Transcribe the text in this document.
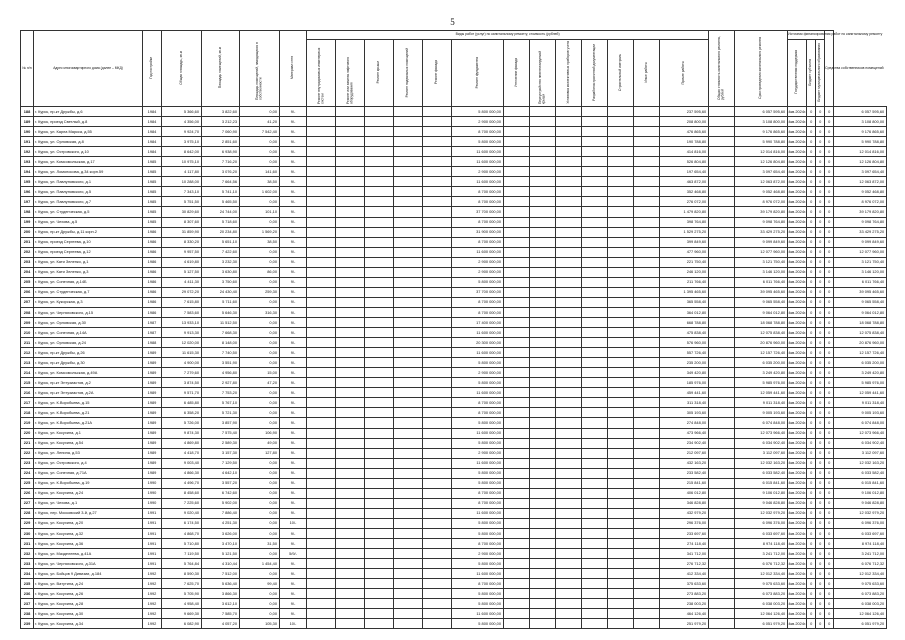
5
№ п/п	Адрес многоквартирного дома (далее – МКД)	Год постройки	Общая площадь, кв.м	Площадь помещений, кв.м	Площадь помещений, находящихся в собственности	Материал стен	Виды работ (услуг) по капитальному ремонту, стоимость (рублей)													Общая стоимость капитального ремонта, рублей	Срок проведения капитального ремонта	Источник финансирования работ по капитальному ремонту			Средства собственников помещений	
							Ремонт внутридомовых инженерных систем	Ремонт или замена лифтового оборудования	Ремонт крыши	Ремонт подвальных помещений	Ремонт фасада	Ремонт фундамента	Утепление фасада	Переустройство невентилируемой крыши	Установка коллективных приборов учета	Разработка проектной документации	Строительный контроль	Иные работы	Прочие работы			Государственная поддержка	Бюджет субъекта	Бюджет муниципального образования		
188	г. Курск, пр-кт Дружбы, д.6	1984	5 366,60	3 822,60	0,00	9/-						5 800 000,00							237 595,60		6 057 595,60	4кв.2024г.	0	0	0	6 057 595,60
189	г. Курск, проезд Светлый, д.8	1984	4 356,00	3 212,23	41,20	9/-						2 900 000,00							208 800,00		3 108 800,00	4кв.2024г.	0	0	0	3 108 800,00
190	г. Курск, ул. Карла Маркса, д.55	1984	9 924,70	7 060,90	7 542,40	9/-						8 700 000,00							476 865,60		9 176 865,60	4кв.2024г.	0	0	0	9 176 865,60
191	г. Курск, ул. Орловская, д.8	1984	3 975,10	2 851,60	0,00	9/-						5 800 000,00							190 788,80		5 990 788,80	4кв.2024г.	0	0	0	5 990 788,80
192	г. Курск, ул. Островского, д.10	1984	8 642,00	6 938,90	0,00	9/-						11 600 000,00							414 816,00		12 014 816,00	4кв.2024г.	0	0	0	12 014 816,00
193	г. Курск, ул. Комсомольская, д.17	1985	10 975,10	7 716,20	0,00	9/-						11 600 000,00							526 804,80		12 126 804,80	4кв.2024г.	0	0	0	12 126 804,80
194	г. Курск, ул. Ломоносова, д.34 корп.59	1985	4 117,80	3 076,20	141,60	9/-						2 900 000,00							197 654,40		3 097 654,40	4кв.2024г.	0	0	0	3 097 654,40
195	г. Курск, ул. Павлуновского, д.1	1985	10 288,00	7 664,56	38,50	9/-						11 600 000,00							463 872,00		12 063 872,00	4кв.2024г.	0	0	0	12 063 872,00
196	г. Курск, ул. Павлуновского, д.5	1985	7 343,10	5 741,10	1 602,00	9/-						8 700 000,00							352 468,80		9 052 468,80	4кв.2024г.	0	0	0	9 052 468,80
197	г. Курск, ул. Павлуновского, д.7	1985	5 751,50	5 465,50	0,00	9/-						8 700 000,00							276 072,00		8 976 072,00	4кв.2024г.	0	0	0	8 976 072,00
198	г. Курск, ул. Студенческая, д.5	1985	30 829,60	24 744,00	101,10	9/-						37 700 000,00							1 479 820,80		39 179 820,80	4кв.2024г.	0	0	0	39 179 820,80
199	г. Курск, ул. Чехова, д.5	1985	8 307,60	5 718,60	0,00	9/-						8 700 000,00							398 764,80		9 098 764,80	4кв.2024г.	0	0	0	9 098 764,80
200	г. Курск, пр-кт Дружбы, д.11 корп.2	1986	31 859,90	20 234,80	1 569,20	9/-						31 900 000,00							1 529 275,20		33 429 275,20	4кв.2024г.	0	0	0	33 429 275,20
201	г. Курск, проезд Сергеева, д.10	1986	8 330,20	5 651,10	38,50	9/-						8 700 000,00							399 849,60		9 099 849,60	4кв.2024г.	0	0	0	9 099 849,60
202	г. Курск, проезд Сергеева, д.12	1986	9 957,50	7 422,60	0,00	9/-						11 600 000,00							477 960,00		12 077 960,00	4кв.2024г.	0	0	0	12 077 960,00
203	г. Курск, ул. Кати Зеленко, д.1	1986	4 619,80	3 232,30	0,00	9/-						2 900 000,00							221 750,40		3 121 750,40	4кв.2024г.	0	0	0	3 121 750,40
204	г. Курск, ул. Кати Зеленко, д.3	1986	5 127,50	3 630,80	86,00	9/-						2 900 000,00							246 120,00		3 146 120,00	4кв.2024г.	0	0	0	3 146 120,00
205	г. Курск, ул. Сонечная, д.14Б	1986	4 411,30	3 750,60	0,00	9/-						5 800 000,00							211 766,40		6 011 766,40	4кв.2024г.	0	0	0	6 011 766,40
206	г. Курск, ул. Студенческая, д.7	1986	29 072,20	24 430,40	259,30	9/-						37 700 000,00							1 395 465,60		39 095 465,60	4кв.2024г.	0	0	0	39 095 465,60
207	г. Курск, ул. Кукорская, д.3	1986	7 615,80	5 711,60	0,00	9/-						8 700 000,00							365 558,40		9 065 558,40	4кв.2024г.	0	0	0	9 065 558,40
208	г. Курск, ул. Черняховского, д.15	1986	7 583,60	5 646,30	316,30	9/-						8 700 000,00							364 012,80		9 064 012,80	4кв.2024г.	0	0	0	9 064 012,80
209	г. Курск, ул. Орловская, д.30	1987	13 933,10	11 512,50	0,00	9/-						17 400 000,00							668 788,80		18 068 788,80	4кв.2024г.	0	0	0	18 068 788,80
210	г. Курск, ул. Сонечная, д.14А	1987	9 913,30	7 668,30	0,00	9/-						11 600 000,00							475 838,40		12 075 838,40	4кв.2024г.	0	0	0	12 075 838,40
211	г. Курск, ул. Орловская, д.24	1988	12 020,00	8 148,00	0,00	9/-						20 300 000,00							576 960,00		20 876 960,00	4кв.2024г.	0	0	0	20 876 960,00
212	г. Курск, пр-кт Дружбы, д.26	1989	11 615,30	7 740,50	0,00	9/-						11 600 000,00							557 726,40		12 157 726,40	4кв.2024г.	0	0	0	12 157 726,40
213	г. Курск, пр-кт Дружбы, д.30	1989	4 900,00	3 551,90	0,00	9/-						5 800 000,00							235 200,00		6 035 200,00	4кв.2024г.	0	0	0	6 035 200,00
214	г. Курск, ул. Комсомольская, д.49А	1989	7 279,60	4 956,80	15,00	9/-						2 900 000,00							349 420,80		3 249 420,80	4кв.2024г.	0	0	0	3 249 420,80
215	г. Курск, пр-кт Энтузиастов, д.2	1989	3 874,50	2 927,80	47,20	9/-						5 800 000,00							185 976,00		5 985 976,00	4кв.2024г.	0	0	0	5 985 976,00
216	г. Курск, пр-кт Энтузиастов, д.2А	1989	9 571,70	7 753,20	0,00	9/-						11 600 000,00							459 441,60		12 059 441,60	4кв.2024г.	0	0	0	12 059 441,60
217	г. Курск, ул. К.Воробьева, д.15	1989	6 485,80	5 767,10	0,00	9/-						8 700 000,00							311 318,40		9 011 318,40	4кв.2024г.	0	0	0	9 011 318,40
218	г. Курск, ул. К.Воробьева, д.21	1989	6 358,20	5 721,30	0,00	9/-						8 700 000,00							305 193,60		9 005 193,60	4кв.2024г.	0	0	0	9 005 193,60
219	г. Курск, ул. К.Воробьева, д.21А	1989	5 726,00	3 857,90	0,00	9/-						5 800 000,00							274 848,00		6 074 848,00	4кв.2024г.	0	0	0	6 074 848,00
220	г. Курск, ул. Косухина, д.1	1989	9 874,30	7 575,40	106,90	9/-						11 600 000,00							473 966,40		12 073 966,40	4кв.2024г.	0	0	0	12 073 966,40
221	г. Курск, ул. Косухина, д.54	1989	4 869,80	2 589,30	49,00	9/-						5 800 000,00							234 902,40		6 034 902,40	4кв.2024г.	0	0	0	6 034 902,40
222	г. Курск, ул. Ленина, д.53	1989	4 418,70	3 157,30	127,80	9/-						2 900 000,00							212 097,60		3 112 097,60	4кв.2024г.	0	0	0	3 112 097,60
223	г. Курск, ул. Островского, д.4	1989	9 003,40	7 129,50	0,00	9/-						11 600 000,00							432 163,20		12 032 163,20	4кв.2024г.	0	0	0	12 032 163,20
224	г. Курск, ул. Сонечная, д.71А	1989	4 866,30	4 642,10	0,00	9/-						5 800 000,00							233 582,40		6 033 582,40	4кв.2024г.	0	0	0	6 033 582,40
225	г. Курск, ул. К.Воробьева, д.19	1990	4 496,70	3 557,20	0,00	9/-						5 800 000,00							215 841,60		6 015 841,60	4кв.2024г.	0	0	0	6 015 841,60
226	г. Курск, ул. Косухина, д.24	1990	8 458,60	6 742,60	0,00	9/-						8 700 000,00							406 012,80		9 106 012,80	4кв.2024г.	0	0	0	9 106 012,80
227	г. Курск, ул. Чехова, д.1	1990	7 225,60	5 902,00	0,00	9/-						8 700 000,00							346 828,80		9 046 828,80	4кв.2024г.	0	0	0	9 046 828,80
228	г. Курск, пер. Московский 3-й, д.27	1991	9 020,40	7 886,40	0,00	9/-						11 600 000,00							432 979,20		12 032 979,20	4кв.2024г.	0	0	0	12 032 979,20
229	г. Курск, ул. Косухина, д.20	1991	6 174,50	4 251,30	0,00	10/-						5 800 000,00							296 376,00		6 096 376,00	4кв.2024г.	0	0	0	6 096 376,00
230	г. Курск, ул. Косухина, д.32	1991	4 868,70	3 626,00	0,00	9/-						5 800 000,00							233 697,60		6 033 697,60	4кв.2024г.	0	0	0	6 033 697,60
231	г. Курск, ул. Косухина, д.36	1991	5 710,80	3 470,10	31,50	9/-						8 700 000,00							274 118,40		8 974 118,40	4кв.2024г.	0	0	0	8 974 118,40
232	г. Курск, ул. Мазделеева, д.41А	1991	7 119,50	5 121,50	0,00	5/9/-						2 900 000,00							341 712,00		3 241 712,00	4кв.2024г.	0	0	0	3 241 712,00
233	г. Курск, ул. Черняховского, д.31А	1991	5 764,84	4 310,44	1 454,40	9/-						5 800 000,00							276 712,32		6 076 712,32	4кв.2024г.	0	0	0	6 076 712,32
234	г. Курск, ул. Бойцов 9 Дивизии, д.184	1992	8 590,30	7 512,00	0,00	9/-						11 600 000,00							412 334,40		12 012 334,40	4кв.2024г.	0	0	0	12 012 334,40
235	г. Курск, ул. Ватутина, д.24	1992	7 625,70	5 636,40	99,40	9/-						8 700 000,00							375 633,60		9 075 633,60	4кв.2024г.	0	0	0	9 075 633,60
236	г. Курск, ул. Косухина, д.26	1992	5 705,90	3 866,30	0,00	9/-						5 800 000,00							273 883,20		6 073 883,20	4кв.2024г.	0	0	0	6 073 883,20
237	г. Курск, ул. Косухина, д.28	1992	4 958,40	3 612,10	0,00	9/-						5 800 000,00							238 003,20		6 038 003,20	4кв.2024г.	0	0	0	6 038 003,20
238	г. Курск, ул. Косухина, д.30	1992	9 669,30	7 585,70	0,00	9/-						11 600 000,00							464 126,40		12 064 126,40	4кв.2024г.	0	0	0	12 064 126,40
239	г. Курск, ул. Косухина, д.34	1992	6 082,90	4 057,20	105,30	10/-						5 800 000,00							251 979,20		6 051 979,20	4кв.2024г.	0	0	0	6 051 979,20
